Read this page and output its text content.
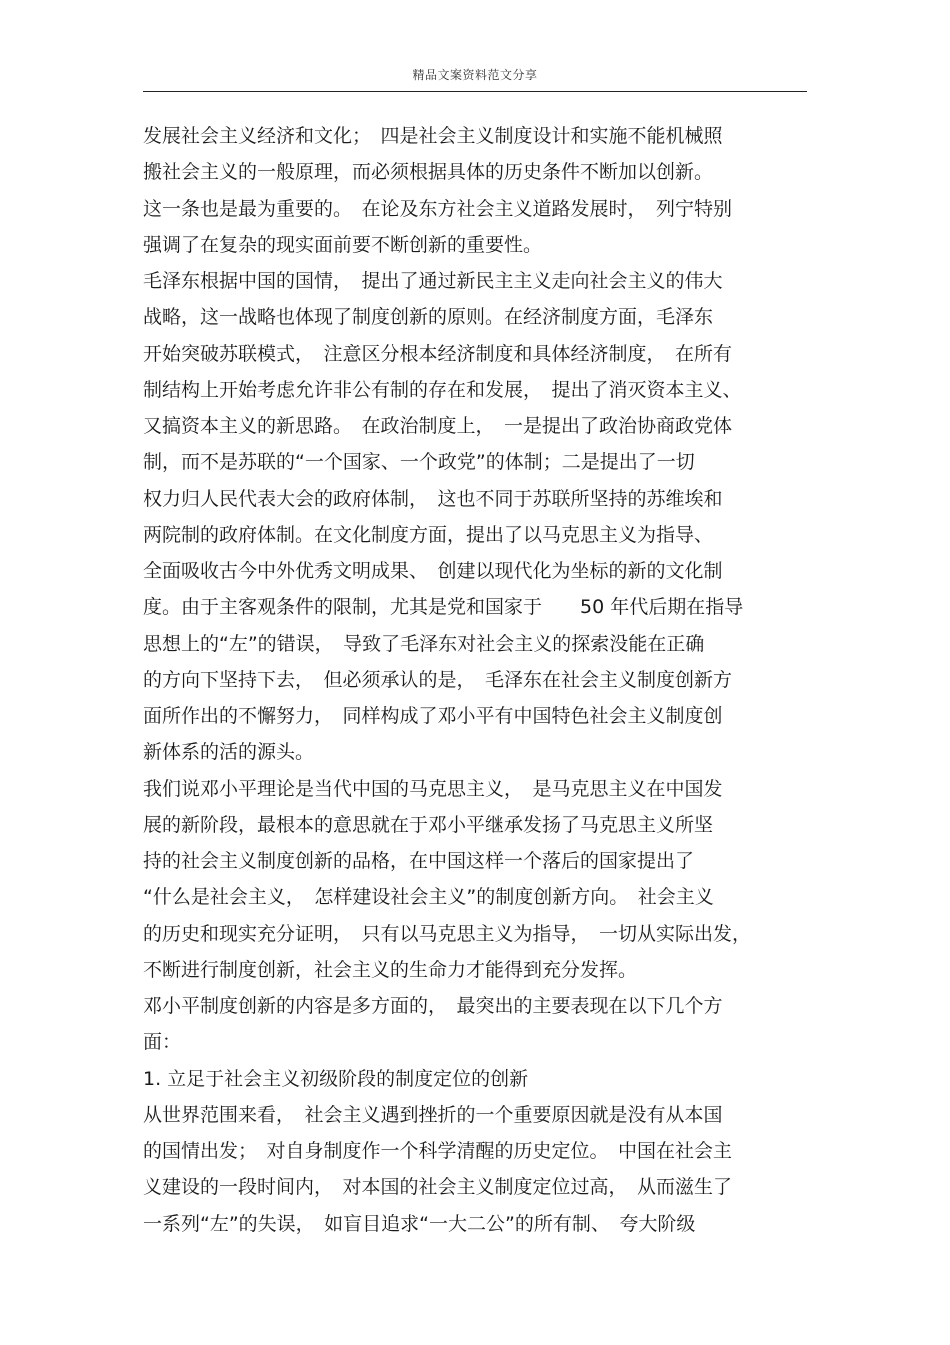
精品文案资料范文分享
发展社会主义经济和文化；　四是社会主义制度设计和实施不能机械照
搬社会主义的一般原理，而必须根据具体的历史条件不断加以创新。
这一条也是最为重要的。　在论及东方社会主义道路发展时，　列宁特别
强调了在复杂的现实面前要不断创新的重要性。
毛泽东根据中国的国情，　提出了通过新民主主义走向社会主义的伟大
战略，这一战略也体现了制度创新的原则。在经济制度方面，毛泽东
开始突破苏联模式，　注意区分根本经济制度和具体经济制度，　在所有
制结构上开始考虑允许非公有制的存在和发展，　提出了消灭资本主义、
又搞资本主义的新思路。　在政治制度上，　一是提出了政治协商政党体
制，而不是苏联的“一个国家、一个政党”的体制；二是提出了一切
权力归人民代表大会的政府体制，　这也不同于苏联所坚持的苏维埃和
两院制的政府体制。在文化制度方面，提出了以马克思主义为指导、
全面吸收古今中外优秀文明成果、　创建以现代化为坐标的新的文化制
度。由于主客观条件的限制，尤其是党和国家于　　50 年代后期在指导
思想上的“左”的错误，　导致了毛泽东对社会主义的探索没能在正确
的方向下坚持下去，　但必须承认的是，　毛泽东在社会主义制度创新方
面所作出的不懈努力，　同样构成了邓小平有中国特色社会主义制度创
新体系的活的源头。
我们说邓小平理论是当代中国的马克思主义，　是马克思主义在中国发
展的新阶段，最根本的意思就在于邓小平继承发扬了马克思主义所坚
持的社会主义制度创新的品格，在中国这样一个落后的国家提出了
“什么是社会主义，　怎样建设社会主义”的制度创新方向。　社会主义
的历史和现实充分证明，　只有以马克思主义为指导，　一切从实际出发，
不断进行制度创新，社会主义的生命力才能得到充分发挥。
邓小平制度创新的内容是多方面的，　最突出的主要表现在以下几个方
面：
1. 立足于社会主义初级阶段的制度定位的创新
从世界范围来看，　社会主义遇到挫折的一个重要原因就是没有从本国
的国情出发；　对自身制度作一个科学清醒的历史定位。　中国在社会主
义建设的一段时间内，　对本国的社会主义制度定位过高，　从而滋生了
一系列“左”的失误，　如盲目追求“一大二公”的所有制、　夸大阶级
